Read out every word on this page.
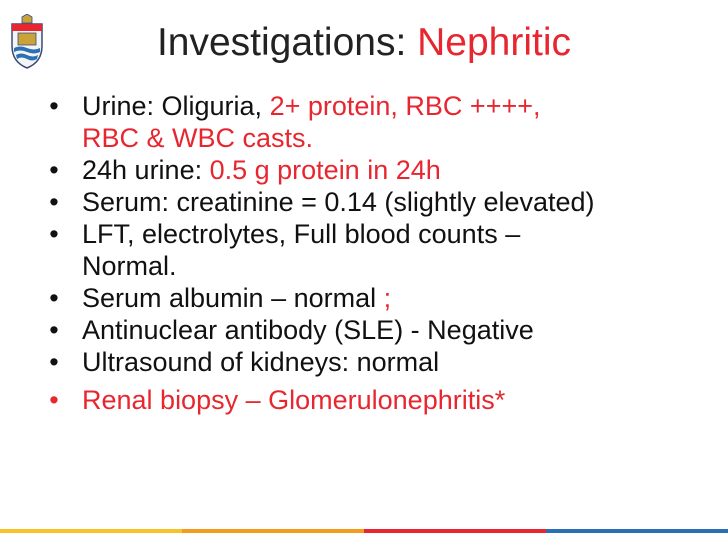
Investigations: Nephritic
• Urine: Oliguria, 2+ protein, RBC ++++,
RBC & WBC casts.
• 24h urine: 0.5 g protein in 24h
• Serum: creatinine = 0.14 (slightly elevated)
• LFT, electrolytes, Full blood counts –
Normal.
• Serum albumin – normal ;
• Antinuclear antibody (SLE) - Negative
• Ultrasound of kidneys: normal
• Renal biopsy – Glomerulonephritis*
